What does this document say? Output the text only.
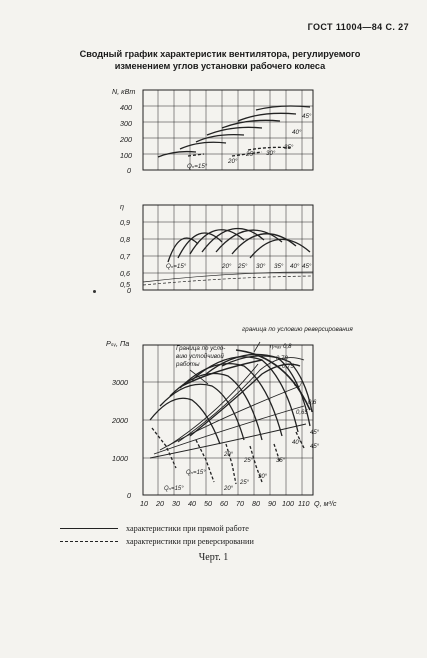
ГОСТ 11004—84 С. 27
Сводный график характеристик вентилятора, регулируемого
изменением углов установки рабочего колеса
N, кВт
400
300
200
100
0	Qₙ=15°
20°
25° 30°
35°
40°
45°
η
0,9
0,8
0,7
0,6
0,5
0
Qₙ=15°	20° 25° 30° 35° 40° 45°
Pₛᵥ, Па
3000
2000
1000
0
10 20 30 40 50 60 70 80 90 100 110 Q, м³/с
граница по условию реверсирования
Граница по усло-
вию устойчивой
работы
ηₘₐₓ 0,8
0,78
0,75
0,7
0,65
0,6
Qₙ=15°
Qₙ=15°	20°
25°
30°
35°
40°
45°
20°
25°
45°
характеристики при прямой работе
характеристики при реверсировании
Черт. 1
